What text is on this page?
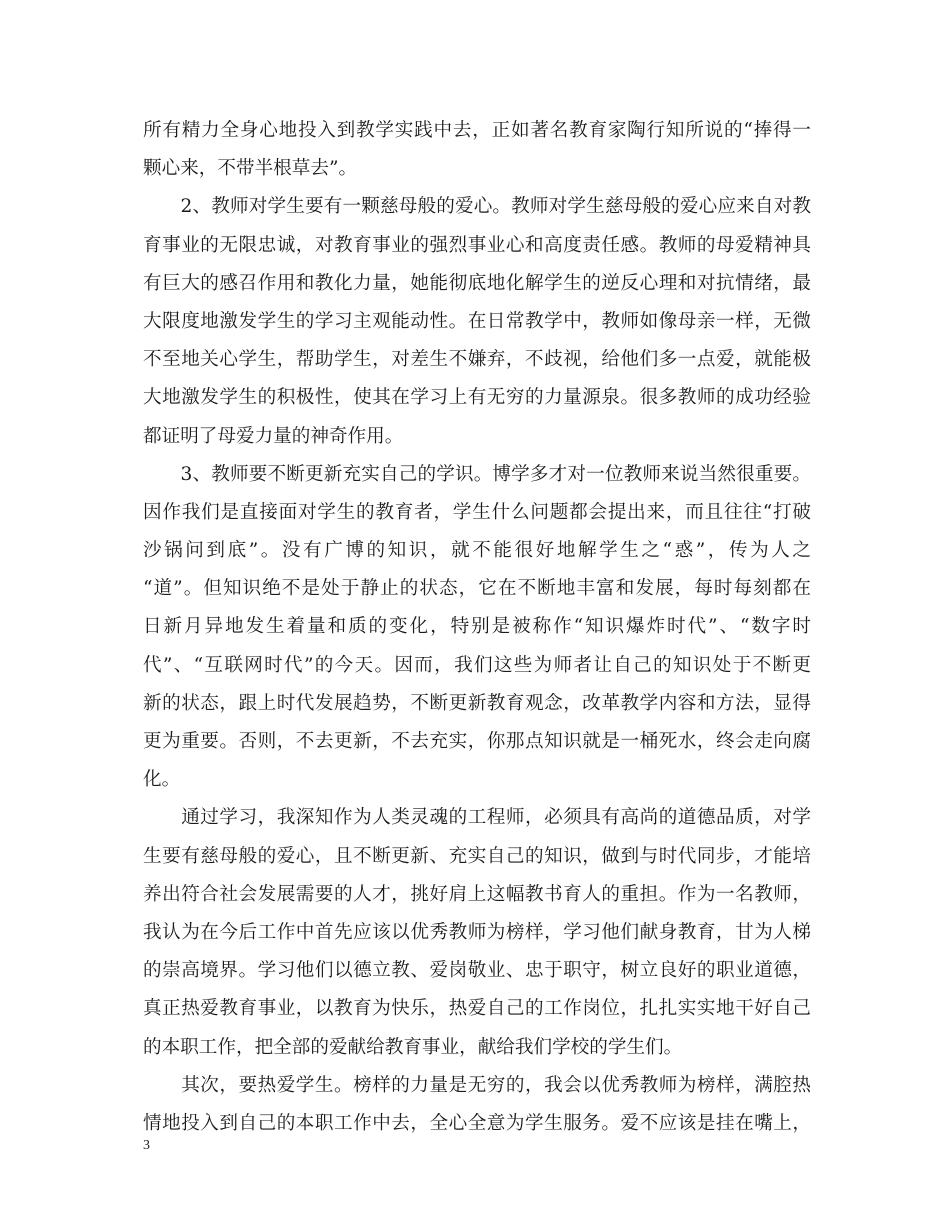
所有精力全身心地投入到教学实践中去，正如著名教育家陶行知所说的“捧得一
颗心来，不带半根草去”。
　　2、教师对学生要有一颗慈母般的爱心。教师对学生慈母般的爱心应来自对教
育事业的无限忠诚，对教育事业的强烈事业心和高度责任感。教师的母爱精神具
有巨大的感召作用和教化力量，她能彻底地化解学生的逆反心理和对抗情绪，最
大限度地激发学生的学习主观能动性。在日常教学中，教师如像母亲一样，无微
不至地关心学生，帮助学生，对差生不嫌弃，不歧视，给他们多一点爱，就能极
大地激发学生的积极性，使其在学习上有无穷的力量源泉。很多教师的成功经验
都证明了母爱力量的神奇作用。
　　3、教师要不断更新充实自己的学识。博学多才对一位教师来说当然很重要。
因作我们是直接面对学生的教育者，学生什么问题都会提出来，而且往往“打破
沙锅问到底”。没有广博的知识，就不能很好地解学生之“惑”，传为人之
“道”。但知识绝不是处于静止的状态，它在不断地丰富和发展，每时每刻都在
日新月异地发生着量和质的变化，特别是被称作“知识爆炸时代”、“数字时
代”、“互联网时代”的今天。因而，我们这些为师者让自己的知识处于不断更
新的状态，跟上时代发展趋势，不断更新教育观念，改革教学内容和方法，显得
更为重要。否则，不去更新，不去充实，你那点知识就是一桶死水，终会走向腐
化。
　　通过学习，我深知作为人类灵魂的工程师，必须具有高尚的道德品质，对学
生要有慈母般的爱心，且不断更新、充实自己的知识，做到与时代同步，才能培
养出符合社会发展需要的人才，挑好肩上这幅教书育人的重担。作为一名教师，
我认为在今后工作中首先应该以优秀教师为榜样，学习他们献身教育，甘为人梯
的崇高境界。学习他们以德立教、爱岗敬业、忠于职守，树立良好的职业道德，
真正热爱教育事业，以教育为快乐，热爱自己的工作岗位，扎扎实实地干好自己
的本职工作，把全部的爱献给教育事业，献给我们学校的学生们。
　　其次，要热爱学生。榜样的力量是无穷的，我会以优秀教师为榜样，满腔热
情地投入到自己的本职工作中去，全心全意为学生服务。爱不应该是挂在嘴上，
3
